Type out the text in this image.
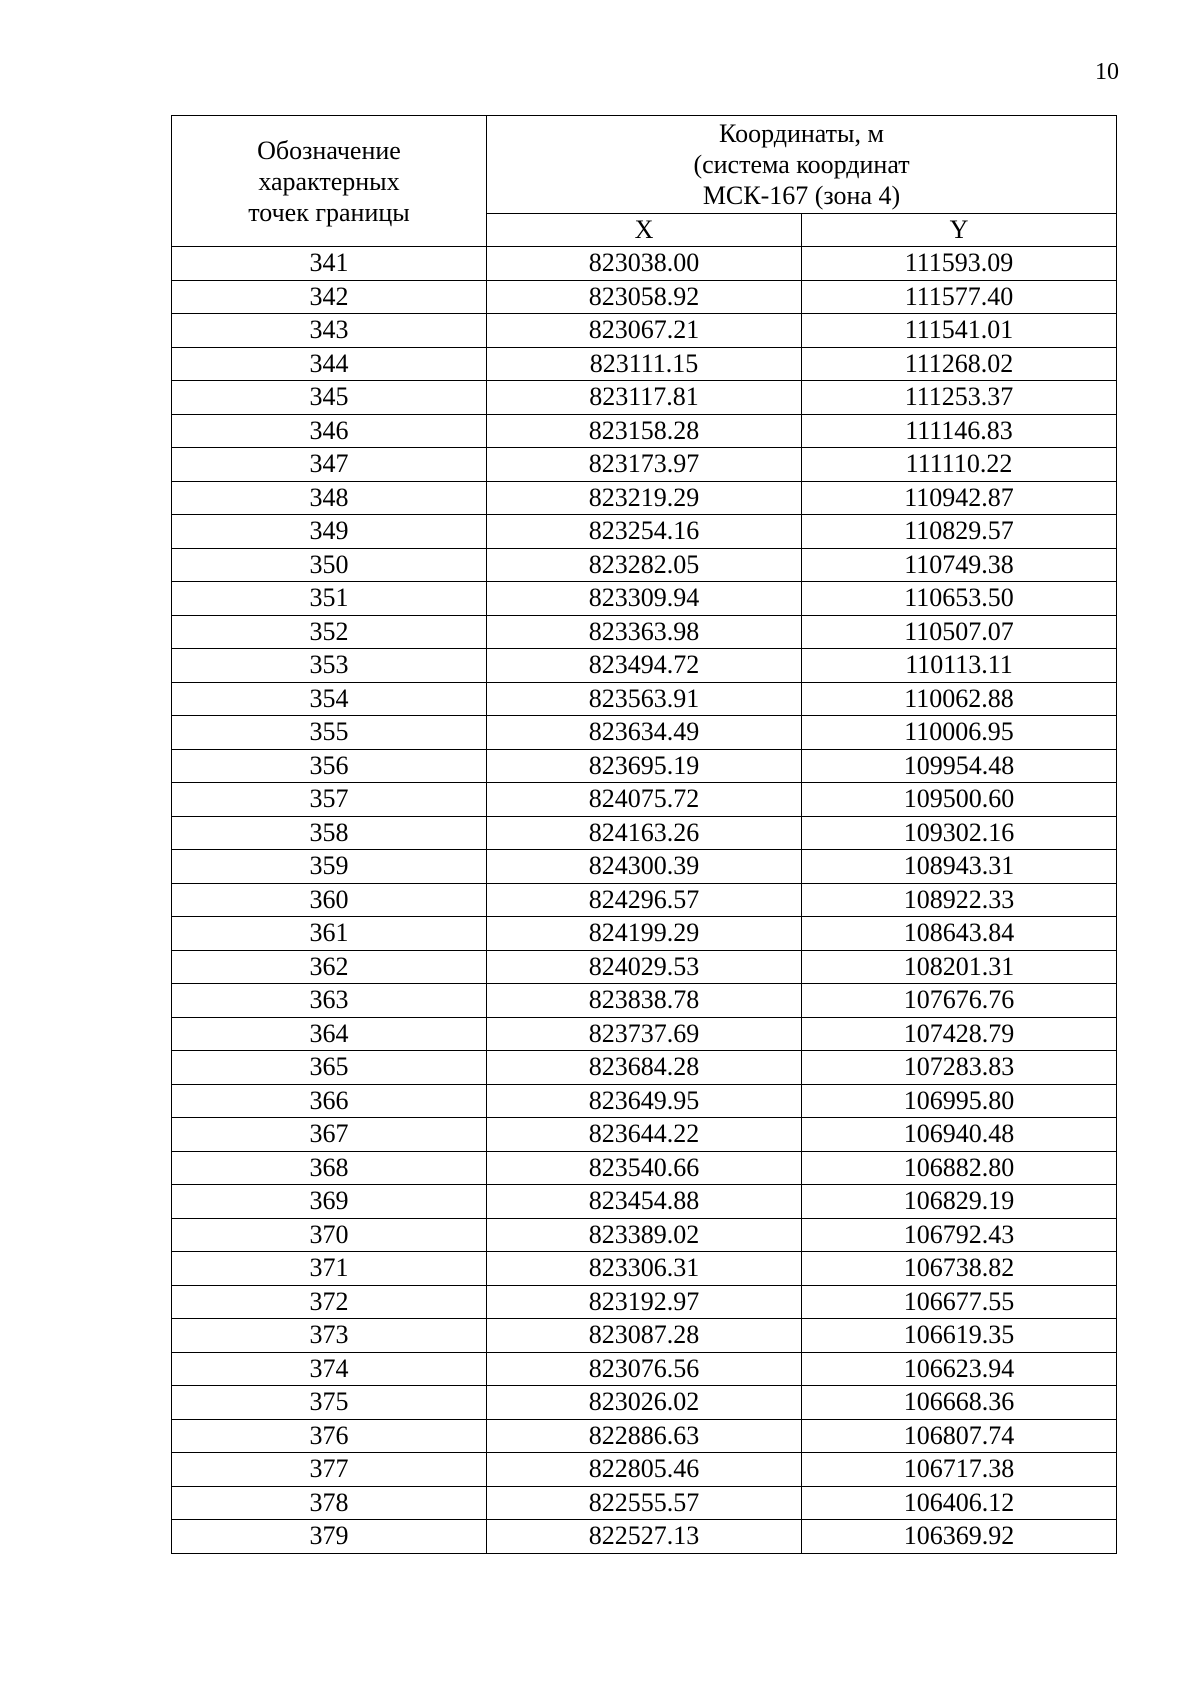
10
Обозначение
характерных
точек границы	Координаты, м
(система координат
МСК-167 (зона 4)	

	X	Y
341	823038.00	111593.09
342	823058.92	111577.40
343	823067.21	111541.01
344	823111.15	111268.02
345	823117.81	111253.37
346	823158.28	111146.83
347	823173.97	111110.22
348	823219.29	110942.87
349	823254.16	110829.57
350	823282.05	110749.38
351	823309.94	110653.50
352	823363.98	110507.07
353	823494.72	110113.11
354	823563.91	110062.88
355	823634.49	110006.95
356	823695.19	109954.48
357	824075.72	109500.60
358	824163.26	109302.16
359	824300.39	108943.31
360	824296.57	108922.33
361	824199.29	108643.84
362	824029.53	108201.31
363	823838.78	107676.76
364	823737.69	107428.79
365	823684.28	107283.83
366	823649.95	106995.80
367	823644.22	106940.48
368	823540.66	106882.80
369	823454.88	106829.19
370	823389.02	106792.43
371	823306.31	106738.82
372	823192.97	106677.55
373	823087.28	106619.35
374	823076.56	106623.94
375	823026.02	106668.36
376	822886.63	106807.74
377	822805.46	106717.38
378	822555.57	106406.12
379	822527.13	106369.92
